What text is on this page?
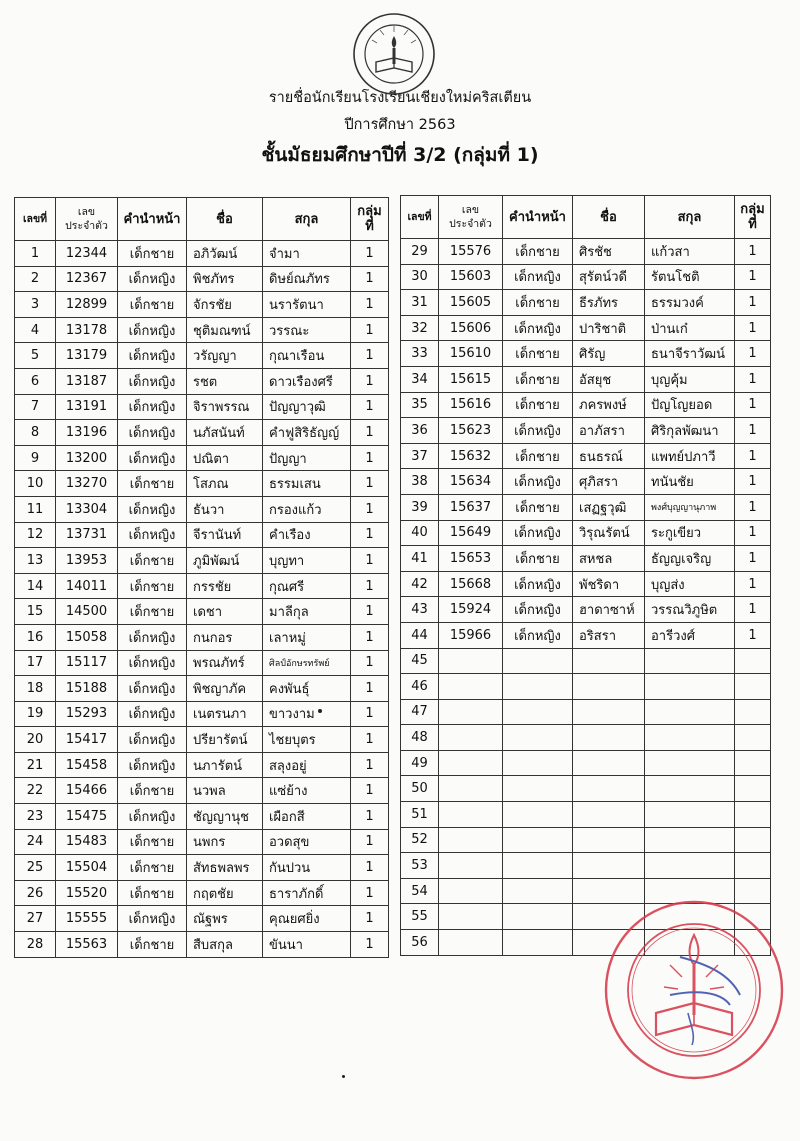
รายชื่อนักเรียนโรงเรียนเชียงใหม่คริสเตียน
ปีการศึกษา 2563
ชั้นมัธยมศึกษาปีที่ 3/2 (กลุ่มที่ 1)
เลขที่	เลข
ประจำตัว	คำนำหน้า	ชื่อ	สกุล	กลุ่ม
ที่
1	12344	เด็กชาย	อภิวัฒน์	จำมา	1
2	12367	เด็กหญิง	พิชภัทร	ดิษย์ณภัทร	1
3	12899	เด็กชาย	จักรชัย	นรารัตนา	1
4	13178	เด็กหญิง	ชุติมณฑน์	วรรณะ	1
5	13179	เด็กหญิง	วรัญญา	กุณาเรือน	1
6	13187	เด็กหญิง	รชต	ดาวเรืองศรี	1
7	13191	เด็กหญิง	จิราพรรณ	ปัญญาวุฒิ	1
8	13196	เด็กหญิง	นภัสนันท์	คำฟูสิริธัญญ์	1
9	13200	เด็กหญิง	ปณิตา	ปัญญา	1
10	13270	เด็กชาย	โสภณ	ธรรมเสน	1
11	13304	เด็กหญิง	ธันวา	กรองแก้ว	1
12	13731	เด็กหญิง	จีรานันท์	คำเรือง	1
13	13953	เด็กชาย	ภูมิพัฒน์	บุญทา	1
14	14011	เด็กชาย	กรรชัย	กุณศรี	1
15	14500	เด็กชาย	เดชา	มาลีกุล	1
16	15058	เด็กหญิง	กนกอร	เลาหมู่	1
17	15117	เด็กหญิง	พรณภัทร์	ศิลป์อักษรทรัพย์	1
18	15188	เด็กหญิง	พิชญาภัค	คงพันธุ์	1
19	15293	เด็กหญิง	เนตรนภา	ขาวงาม	1
20	15417	เด็กหญิง	ปรียารัตน์	ไชยบุตร	1
21	15458	เด็กหญิง	นภารัตน์	สลุงอยู่	1
22	15466	เด็กชาย	นวพล	แซ่ย้าง	1
23	15475	เด็กหญิง	ชัญญานุช	เผือกสี	1
24	15483	เด็กชาย	นพกร	อวดสุข	1
25	15504	เด็กชาย	สัทธพลพร	กันปวน	1
26	15520	เด็กชาย	กฤตชัย	ธาราภักดิ์	1
27	15555	เด็กหญิง	ณัฐพร	คุณยศยิ่ง	1
28	15563	เด็กชาย	สืบสกุล	ขันนา	1
เลขที่	เลข
ประจำตัว	คำนำหน้า	ชื่อ	สกุล	กลุ่ม
ที่
29	15576	เด็กชาย	ศิรชัช	แก้วสา	1
30	15603	เด็กหญิง	สุรัตน์วดี	รัตนโชติ	1
31	15605	เด็กชาย	ธีรภัทร	ธรรมวงค์	1
32	15606	เด็กหญิง	ปาริชาติ	ป่านเก๋	1
33	15610	เด็กชาย	ศิรัญ	ธนาจีราวัฒน์	1
34	15615	เด็กชาย	อัสยุช	บุญคุ้ม	1
35	15616	เด็กชาย	ภครพงษ์	ปัญโญยอด	1
36	15623	เด็กหญิง	อาภัสรา	ศิริกุลพัฒนา	1
37	15632	เด็กชาย	ธนธรณ์	แพทย์ปภาวี	1
38	15634	เด็กหญิง	ศุภิสรา	ทนันชัย	1
39	15637	เด็กชาย	เสฏฐวุฒิ	พงศ์บุญญานุภาพ	1
40	15649	เด็กหญิง	วิรุณรัตน์	ระกูเขียว	1
41	15653	เด็กชาย	สหชล	ธัญญเจริญ	1
42	15668	เด็กหญิง	พัชริดา	บุญส่ง	1
43	15924	เด็กหญิง	ฮาดาซาห์	วรรณวิภูษิต	1
44	15966	เด็กหญิง	อริสรา	อารีวงศ์	1
45					
46					
47					
48					
49					
50					
51					
52					
53					
54					
55					
56					
